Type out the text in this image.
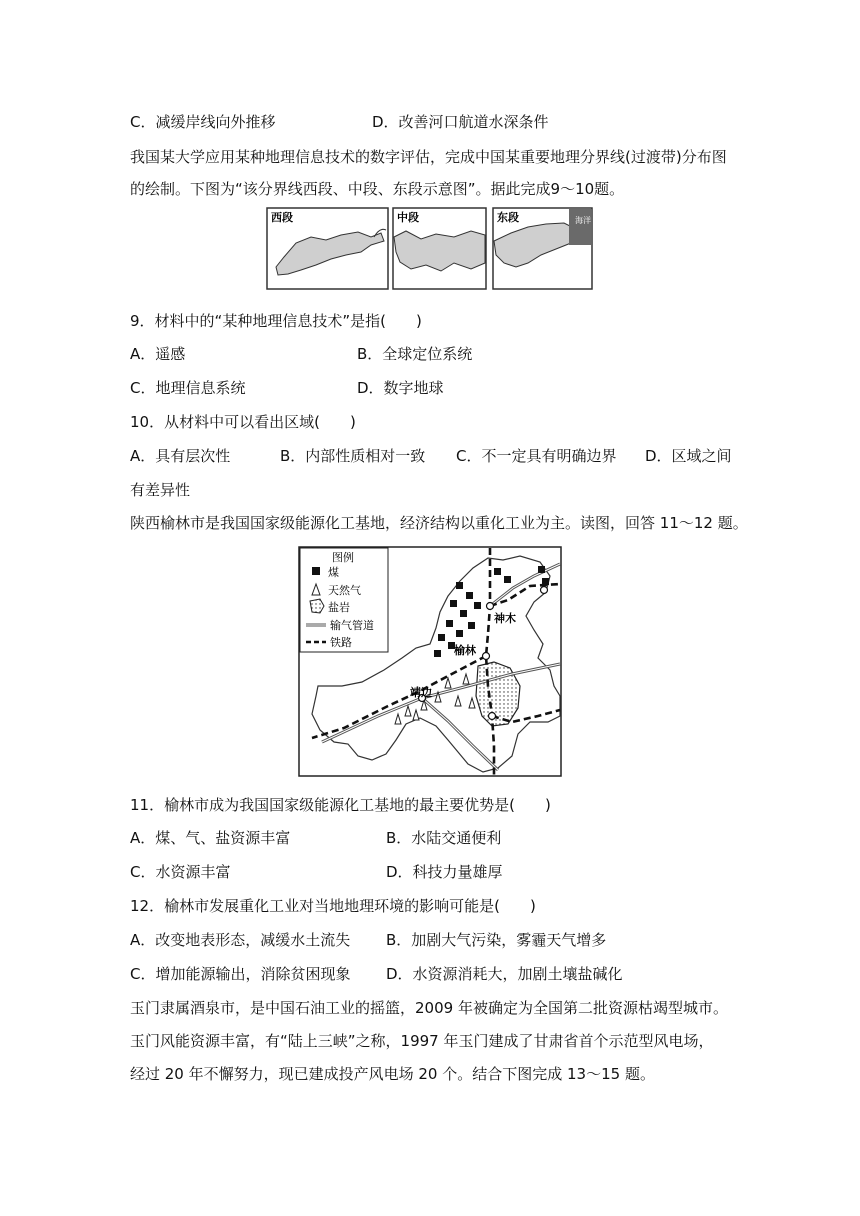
C．减缓岸线向外推移	D．改善河口航道水深条件
我国某大学应用某种地理信息技术的数字评估，完成中国某重要地理分界线(过渡带)分布图
的绘制。下图为“该分界线西段、中段、东段示意图”。据此完成9～10题。
西段	中段	海洋
东段
9．材料中的“某种地理信息技术”是指(　　)
A．遥感	B．全球定位系统
C．地理信息系统	D．数字地球
10．从材料中可以看出区域(　　)
A．具有层次性	B．内部性质相对一致 C．不一定具有明确边界 D．区域之间
有差异性
陕西榆林市是我国国家级能源化工基地，经济结构以重化工业为主。读图，回答 11～12 题。
神木
榆林
靖边
图例
煤
天然气
盐岩
输气管道
铁路
11．榆林市成为我国国家级能源化工基地的最主要优势是(　　)
A．煤、气、盐资源丰富	B．水陆交通便利
C．水资源丰富	D．科技力量雄厚
12．榆林市发展重化工业对当地地理环境的影响可能是(　　)
A．改变地表形态，减缓水土流失 B．加剧大气污染，雾霾天气增多
C．增加能源输出，消除贫困现象 D．水资源消耗大，加剧土壤盐碱化
玉门隶属酒泉市，是中国石油工业的摇篮，2009 年被确定为全国第二批资源枯竭型城市。
玉门风能资源丰富，有“陆上三峡”之称，1997 年玉门建成了甘肃省首个示范型风电场，
经过 20 年不懈努力，现已建成投产风电场 20 个。结合下图完成 13～15 题。
